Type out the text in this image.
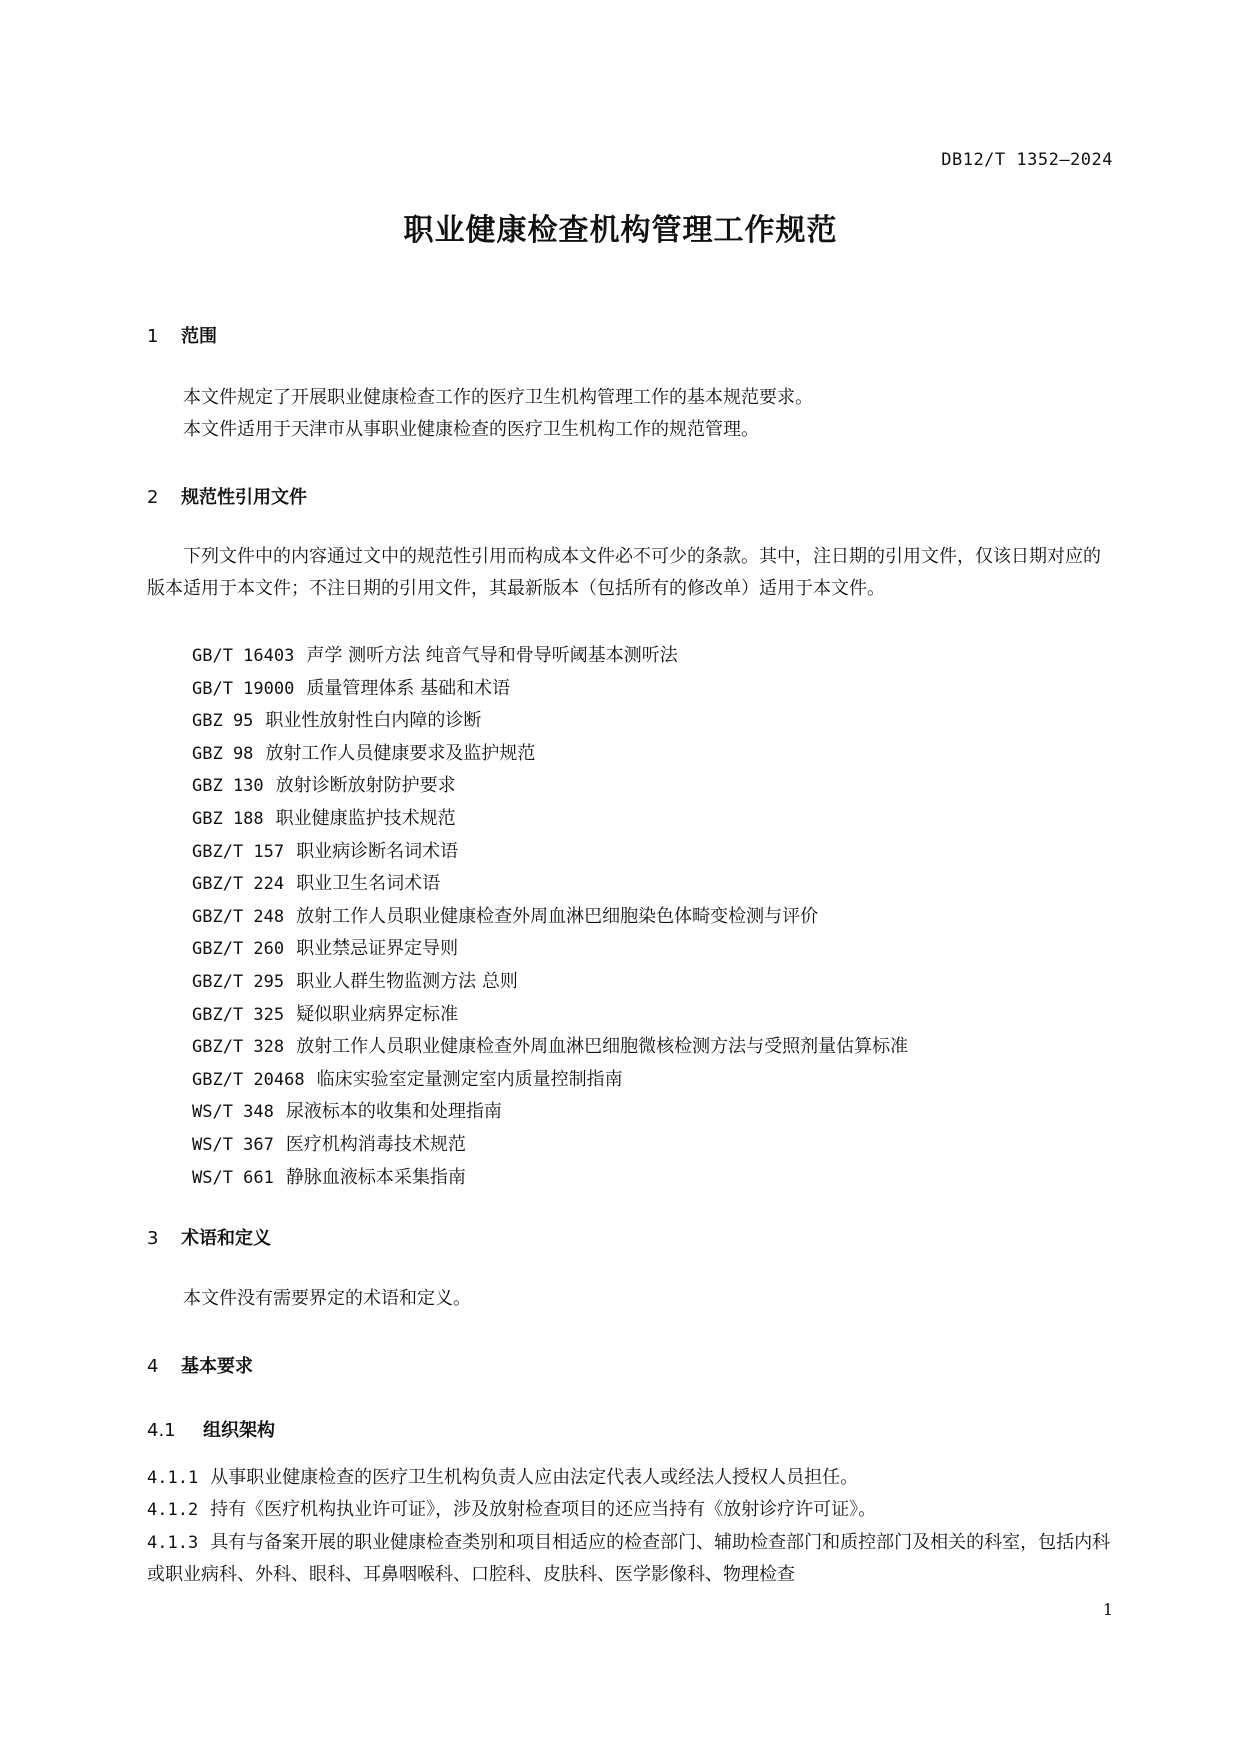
DB12/T 1352—2024
职业健康检查机构管理工作规范
1 范围

本文件规定了开展职业健康检查工作的医疗卫生机构管理工作的基本规范要求。

本文件适用于天津市从事职业健康检查的医疗卫生机构工作的规范管理。

2 规范性引用文件

下列文件中的内容通过文中的规范性引用而构成本文件必不可少的条款。其中，注日期的引用文件，仅该日期对应的版本适用于本文件；不注日期的引用文件，其最新版本（包括所有的修改单）适用于本文件。

GB/T 16403 声学 测听方法 纯音气导和骨导听阈基本测听法
GB/T 19000 质量管理体系 基础和术语
GBZ 95 职业性放射性白内障的诊断
GBZ 98 放射工作人员健康要求及监护规范
GBZ 130 放射诊断放射防护要求
GBZ 188 职业健康监护技术规范
GBZ/T 157 职业病诊断名词术语
GBZ/T 224 职业卫生名词术语
GBZ/T 248 放射工作人员职业健康检查外周血淋巴细胞染色体畸变检测与评价
GBZ/T 260 职业禁忌证界定导则
GBZ/T 295 职业人群生物监测方法 总则
GBZ/T 325 疑似职业病界定标准
GBZ/T 328 放射工作人员职业健康检查外周血淋巴细胞微核检测方法与受照剂量估算标准
GBZ/T 20468 临床实验室定量测定室内质量控制指南
WS/T 348 尿液标本的收集和处理指南
WS/T 367 医疗机构消毒技术规范
WS/T 661 静脉血液标本采集指南
3 术语和定义

本文件没有需要界定的术语和定义。

4 基本要求
4.1 组织架构

4.1.1 从事职业健康检查的医疗卫生机构负责人应由法定代表人或经法人授权人员担任。

4.1.2 持有《医疗机构执业许可证》，涉及放射检查项目的还应当持有《放射诊疗许可证》。

4.1.3 具有与备案开展的职业健康检查类别和项目相适应的检查部门、辅助检查部门和质控部门及相关的科室，包括内科或职业病科、外科、眼科、耳鼻咽喉科、口腔科、皮肤科、医学影像科、物理检查

1
